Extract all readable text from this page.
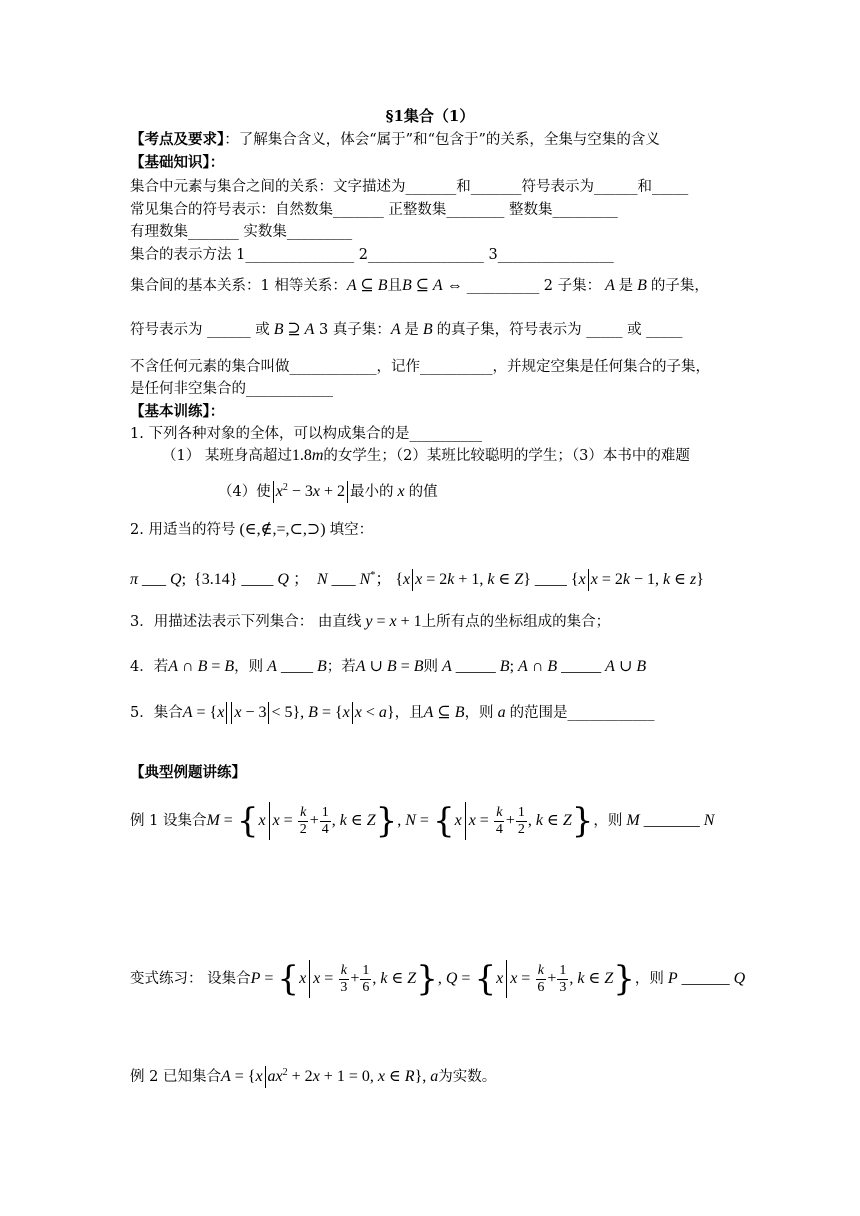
§1集合（1）
【考点及要求】：了解集合含义，体会“属于”和“包含于”的关系，全集与空集的含义
【基础知识】：
集合中元素与集合之间的关系：文字描述为_______和_______符号表示为______和_____
常见集合的符号表示：自然数集_______ 正整数集________ 整数集_________
有理数集_______ 实数集_________
集合的表示方法 1_______________ 2________________ 3________________
集合间的基本关系：1 相等关系：A ⊆ B且B ⊆ A ⇔ __________ 2 子集： A 是 B 的子集，
符号表示为 ______ 或 B ⊇ A 3 真子集：A 是 B 的真子集，符号表示为 _____ 或 _____
不含任何元素的集合叫做____________，记作__________，并规定空集是任何集合的子集，
是任何非空集合的____________
【基本训练】：
1. 下列各种对象的全体，可以构成集合的是__________
（1） 某班身高超过1.8m的女学生；（2）某班比较聪明的学生；（3）本书中的难题
（4）使 $x^2 - 3x + 2$ 最小的 x 的值
2. 用适当的符号 (∈,∉,=,⊂,⊃) 填空：
π ___ Q;  {3.14} ____ Q ；  N ___ N*； {x x = 2k + 1, k ∈ Z} ____ {x x = 2k − 1, k ∈ z}
3．用描述法表示下列集合： 由直线 y = x + 1上所有点的坐标组成的集合；
4．若A ∩ B = B，则 A ____ B；若A ∪ B = B则 A _____ B; A ∩ B _____ A ∪ B
5．集合A = {x x − 3 < 5}, B = {x x < a}，且A ⊆ B，则 a 的范围是____________
【典型例题讲练】
例 1 设集合M = {x $x = \frac{k}{2} + \frac{1}{4}$ , k ∈ Z}, N = {x $x = \frac{k}{4} + \frac{1}{2}$ , k ∈ Z}，则 M _______ N
变式练习： 设集合P = {x $x = \frac{k}{3} + \frac{1}{6}$ , k ∈ Z}, Q = {x $x = \frac{k}{6} + \frac{1}{3}$ , k ∈ Z}，则 P ______ Q
例 2 已知集合A = {x $ax^2 + 2x + 1 = 0$, x ∈ R}, a为实数。
